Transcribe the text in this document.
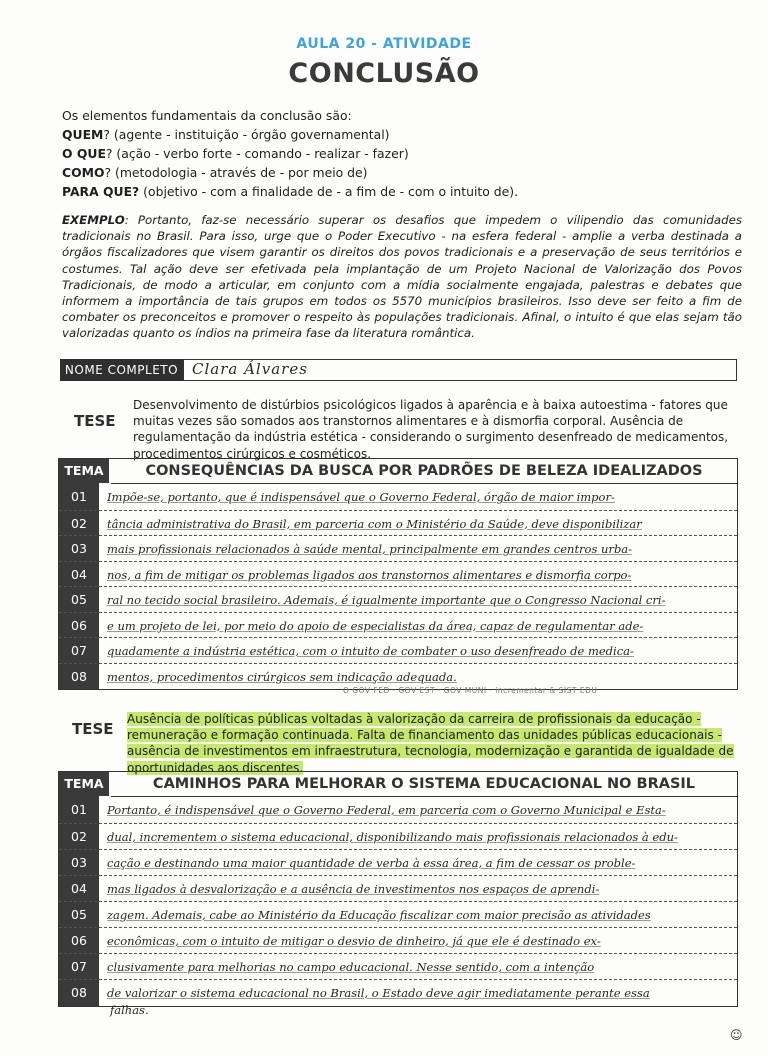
AULA 20 - ATIVIDADE
CONCLUSÃO
Os elementos fundamentais da conclusão são:
QUEM? (agente - instituição - órgão governamental)
O QUE? (ação - verbo forte - comando - realizar - fazer)
COMO? (metodologia - através de - por meio de)
PARA QUE? (objetivo - com a finalidade de - a fim de - com o intuito de).
EXEMPLO: Portanto, faz-se necessário superar os desafios que impedem o vilipendio das comunidades tradicionais no Brasil. Para isso, urge que o Poder Executivo - na esfera federal - amplie a verba destinada a órgãos fiscalizadores que visem garantir os direitos dos povos tradicionais e a preservação de seus territórios e costumes. Tal ação deve ser efetivada pela implantação de um Projeto Nacional de Valorização dos Povos Tradicionais, de modo a articular, em conjunto com a mídia socialmente engajada, palestras e debates que informem a importância de tais grupos em todos os 5570 municípios brasileiros. Isso deve ser feito a fim de combater os preconceitos e promover o respeito às populações tradicionais. Afinal, o intuito é que elas sejam tão valorizadas quanto os índios na primeira fase da literatura romântica.
NOME COMPLETO Clara Álvares
TESE
Desenvolvimento de distúrbios psicológicos ligados à aparência e à baixa autoestima - fatores que muitas vezes são somados aos transtornos alimentares e à dismorfia corporal. Ausência de regulamentação da indústria estética - considerando o surgimento desenfreado de medicamentos, procedimentos cirúrgicos e cosméticos.
TEMA	CONSEQUÊNCIAS DA BUSCA POR PADRÕES DE BELEZA IDEALIZADOS
01	Impõe-se, portanto, que é indispensável que o Governo Federal, órgão de maior impor-
02	tância administrativa do Brasil, em parceria com o Ministério da Saúde, deve disponibilizar
03	mais profissionais relacionados à saúde mental, principalmente em grandes centros urba-
04	nos, a fim de mitigar os problemas ligados aos transtornos alimentares e dismorfia corpo-
05	ral no tecido social brasileiro. Ademais, é igualmente importante que o Congresso Nacional cri-
06	e um projeto de lei, por meio do apoio de especialistas da área, capaz de regulamentar ade-
07	quadamente a indústria estética, com o intuito de combater o uso desenfreado de medica-
08	mentos, procedimentos cirúrgicos sem indicação adequada.
O GOV FED · GOV EST · GOV MUNI · incrementar & SIST EDU
TESE
Ausência de políticas públicas voltadas à valorização da carreira de profissionais da educação - remuneração e formação continuada. Falta de financiamento das unidades públicas educacionais - ausência de investimentos em infraestrutura, tecnologia, modernização e garantida de igualdade de oportunidades aos discentes.
TEMA	CAMINHOS PARA MELHORAR O SISTEMA EDUCACIONAL NO BRASIL
01	Portanto, é indispensável que o Governo Federal, em parceria com o Governo Municipal e Esta-
02	dual, incrementem o sistema educacional, disponibilizando mais profissionais relacionados à edu-
03	cação e destinando uma maior quantidade de verba à essa área, a fim de cessar os proble-
04	mas ligados à desvalorização e a ausência de investimentos nos espaços de aprendi-
05	zagem. Ademais, cabe ao Ministério da Educação fiscalizar com maior precisão as atividades
06	econômicas, com o intuito de mitigar o desvio de dinheiro, já que ele é destinado ex-
07	clusivamente para melhorias no campo educacional. Nesse sentido, com a intenção
08	de valorizar o sistema educacional no Brasil, o Estado deve agir imediatamente perante essa
falhas.
☺
